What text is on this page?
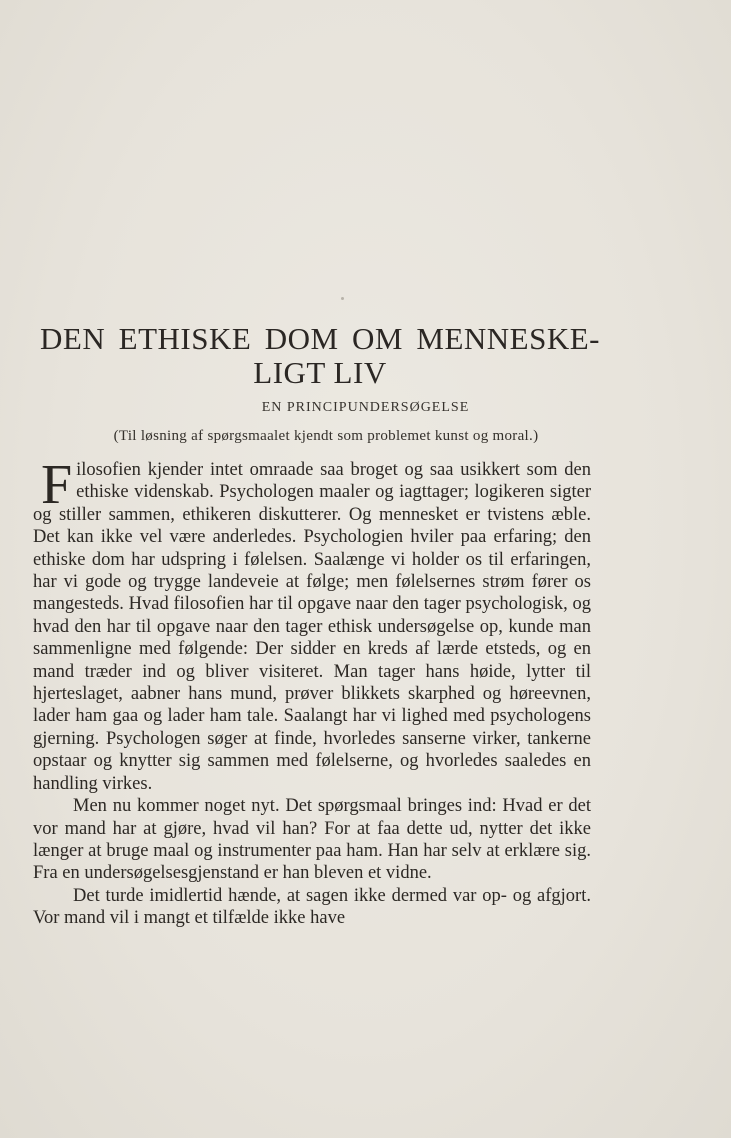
DEN ETHISKE DOM OM MENNESKE-
LIGT LIV
EN PRINCIPUNDERSØGELSE
(Til løsning af spørgsmaalet kjendt som problemet kunst og moral.)

Filosofien kjender intet omraade saa broget og saa usikkert som den ethiske videnskab. Psychologen maaler og iagttager; logikeren sigter og stiller sammen, ethikeren diskutterer. Og mennesket er tvistens æble. Det kan ikke vel være anderledes. Psychologien hviler paa erfaring; den ethiske dom har udspring i følelsen. Saalænge vi holder os til erfaringen, har vi gode og trygge landeveie at følge; men følelsernes strøm fører os mangesteds. Hvad filosofien har til opgave naar den tager psychologisk, og hvad den har til opgave naar den tager ethisk undersøgelse op, kunde man sammenligne med følgende: Der sidder en kreds af lærde etsteds, og en mand træder ind og bliver visiteret. Man tager hans høide, lytter til hjerteslaget, aabner hans mund, prøver blikkets skarphed og høreevnen, lader ham gaa og lader ham tale. Saalangt har vi lighed med psychologens gjerning. Psychologen søger at finde, hvorledes sanserne virker, tankerne opstaar og knytter sig sammen med følelserne, og hvorledes saaledes en handling virkes.

Men nu kommer noget nyt. Det spørgsmaal bringes ind: Hvad er det vor mand har at gjøre, hvad vil han? For at faa dette ud, nytter det ikke længer at bruge maal og instrumenter paa ham. Han har selv at erklære sig. Fra en undersøgelsesgjenstand er han bleven et vidne.

Det turde imidlertid hænde, at sagen ikke dermed var op- og afgjort. Vor mand vil i mangt et tilfælde ikke have
